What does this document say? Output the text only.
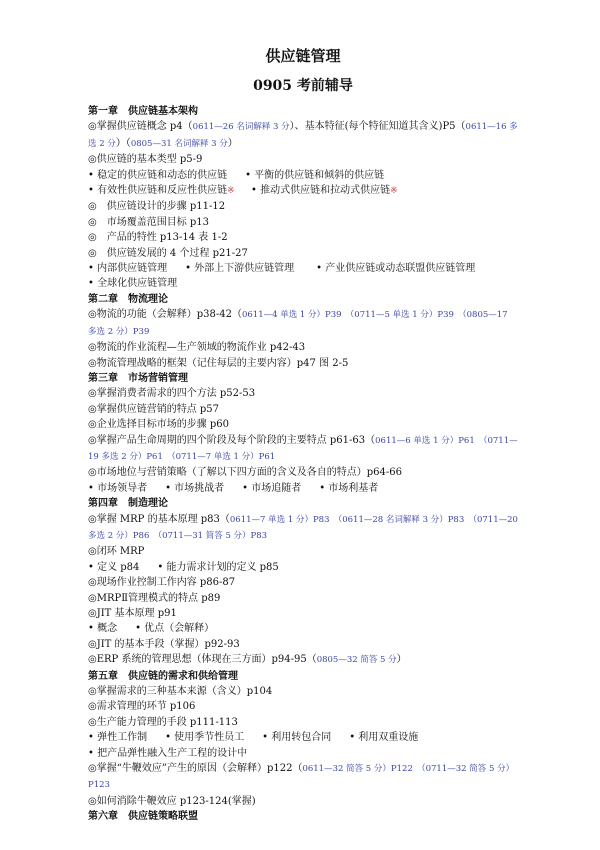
供应链管理
0905 考前辅导
第一章　供应链基本架构
◎掌握供应链概念 p4（0611—26 名词解释 3 分）、基本特征(每个特征知道其含义)P5（0611—16 多选 2 分）（0805—31 名词解释 3 分）
◎供应链的基本类型 p5-9
• 稳定的供应链和动态的供应链 • 平衡的供应链和倾斜的供应链
• 有效性供应链和反应性供应链※ • 推动式供应链和拉动式供应链※
◎　供应链设计的步骤 p11-12
◎　市场覆盖范围目标 p13
◎　产品的特性 p13-14 表 1-2
◎　供应链发展的 4 个过程 p21-27
• 内部供应链管理 • 外部上下游供应链管理 • 产业供应链或动态联盟供应链管理
• 全球化供应链管理
第二章　物流理论
◎物流的功能（会解释）p38-42（0611—4 单选 1 分）P39　（0711—5 单选 1 分）P39　（0805—17 多选 2 分）P39
◎物流的作业流程—生产领域的物流作业 p42-43
◎物流管理战略的框架（记住每层的主要内容）p47 图 2-5
第三章　市场营销管理
◎掌握消费者需求的四个方法 p52-53
◎掌握供应链营销的特点 p57
◎企业选择目标市场的步骤 p60
◎掌握产品生命周期的四个阶段及每个阶段的主要特点 p61-63（0611—6 单选 1 分）P61　（0711—19 多选 2 分）P61　（0711—7 单选 1 分）P61
◎市场地位与营销策略（了解以下四方面的含义及各自的特点）p64-66
• 市场领导者 • 市场挑战者 • 市场追随者 • 市场利基者
第四章　制造理论
◎掌握 MRP 的基本原理 p83（0611—7 单选 1 分）P83　（0611—28 名词解释 3 分）P83　（0711—20 多选 2 分）P86　（0711—31 简答 5 分）P83
◎闭环 MRP
• 定义 p84 • 能力需求计划的定义 p85
◎现场作业控制工作内容 p86-87
◎MRPⅡ管理模式的特点 p89
◎JIT 基本原理 p91
• 概念 • 优点（会解释）
◎JIT 的基本手段（掌握）p92-93
◎ERP 系统的管理思想（体现在三方面）p94-95（0805—32 简答 5 分）
第五章　供应链的需求和供给管理
◎掌握需求的三种基本来源（含义）p104
◎需求管理的环节 p106
◎生产能力管理的手段 p111-113
• 弹性工作制 • 使用季节性员工 • 利用转包合同 • 利用双重设施
• 把产品弹性融入生产工程的设计中
◎掌握“牛鞭效应”产生的原因（会解释）p122（0611—32 简答 5 分）P122　（0711—32 简答 5 分）P123
◎如何消除牛鞭效应 p123-124(掌握)
第六章　供应链策略联盟
